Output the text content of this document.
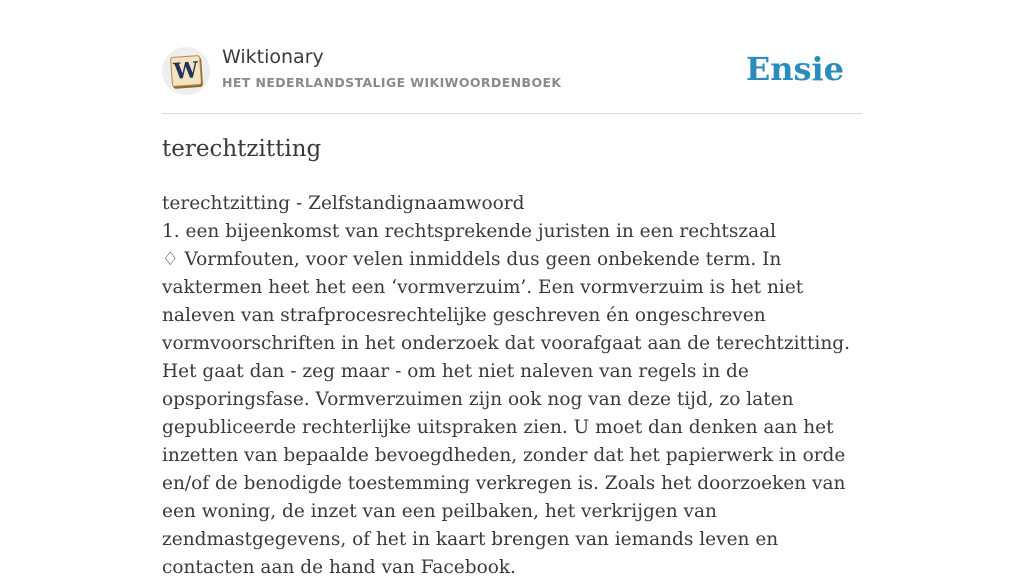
W
Wiktionary
HET NEDERLANDSTALIGE WIKIWOORDENBOEK	Ensie
terechtzitting

terechtzitting - Zelfstandignaamwoord

1. een bijeenkomst van rechtsprekende juristen in een rechtszaal

♢ Vormfouten, voor velen inmiddels dus geen onbekende term. In vaktermen heet het een ‘vormverzuim’. Een vormverzuim is het niet naleven van strafprocesrechtelijke geschreven én ongeschreven vormvoorschriften in het onderzoek dat voorafgaat aan de terechtzitting. Het gaat dan - zeg maar - om het niet naleven van regels in de opsporingsfase. Vormverzuimen zijn ook nog van deze tijd, zo laten gepubliceerde rechterlijke uitspraken zien. U moet dan denken aan het inzetten van bepaalde bevoegdheden, zonder dat het papierwerk in orde en/of de benodigde toestemming verkregen is. Zoals het doorzoeken van een woning, de inzet van een peilbaken, het verkrijgen van zendmastgegevens, of het in kaart brengen van iemands leven en contacten aan de hand van Facebook.
